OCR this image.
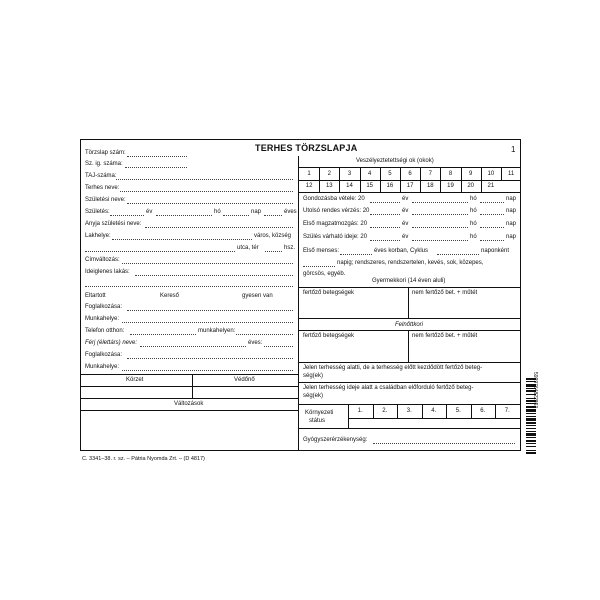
TERHES TÖRZSLAPJA	1
Törzslap szám:
Sz. ig. száma:
TAJ-száma:
Terhes neve:
Születési neve:
Születés:	év	hó	nap	éves
Anyja születési neve:
Lakhelye:	város, község
utca, tér	hsz.
Címváltozás:
Ideiglenes lakás:
Eltartott	Kereső	gyesen van
Foglalkozása:
Munkahelye:
Telefon otthon:	munkahelyen:
Férj (élettárs) neve:	éves:
Foglalkozása:
Munkahelye:
Körzet	Védőnő
Változások
Veszélyeztetettségi ok (okok)
1	2	3	4	5	6	7	8	9	10	11
12	13	14	15	16	17	18	19	20	21
Gondozásba vétele: 20	év	hó	nap
Utolsó rendes vérzés: 20	év	hó	nap
Első magzatmozgás: 20	év	hó	nap
Szülés várható ideje: 20	év	hó	nap
Első menses:	éves korban, Cyklus	naponként
napig; rendszeres, rendszertelen, kevés, sok, közepes,
görcsös, egyéb.
Gyermekkori (14 éven aluli)
fertőző betegségek	nem fertőző bet. + műtét
Felnőttkori
fertőző betegségek	nem fertőző bet. + műtét
Jelen terhesség alatti, de a terhesség előtt kezdődött fertőző beteg-
ség(ek)
Jelen terhesség ideje alatt a családban előforduló fertőző beteg-
ség(ek)
Környezeti
státus
1.	2.	3.	4.	5.	6.	7.
Gyógyszerérzékenység:
5999764822853
C. 3341–38. r. sz. – Pátria Nyomda Zrt. – (D 4817)
